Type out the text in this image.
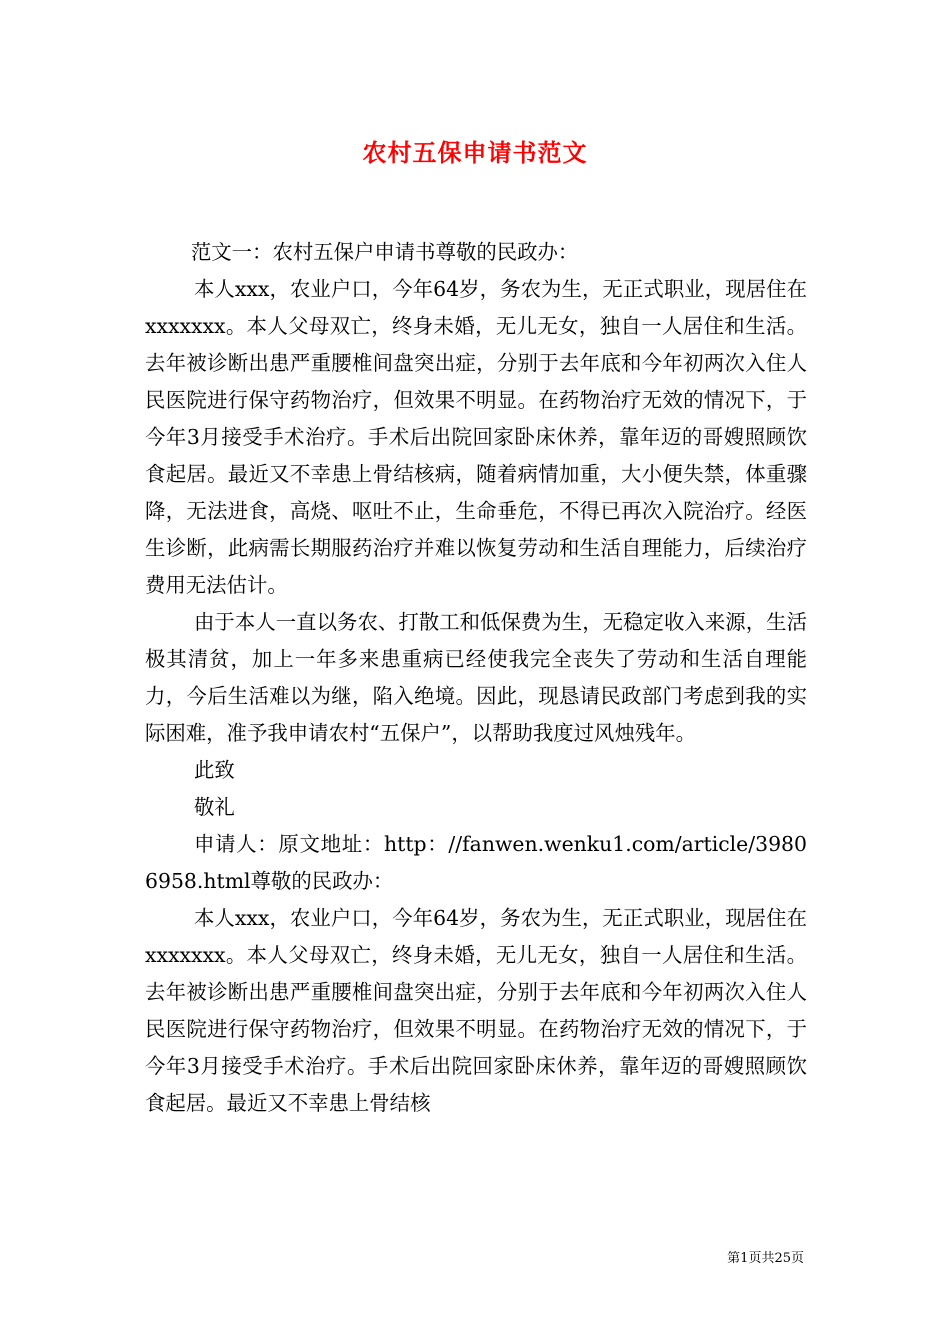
农村五保申请书范文

范文一：农村五保户申请书尊敬的民政办：

本人xxx，农业户口，今年64岁，务农为生，无正式职业，现居住在xxxxxxx。本人父母双亡，终身未婚，无儿无女，独自一人居住和生活。去年被诊断出患严重腰椎间盘突出症，分别于去年底和今年初两次入住人民医院进行保守药物治疗，但效果不明显。在药物治疗无效的情况下，于今年3月接受手术治疗。手术后出院回家卧床休养，靠年迈的哥嫂照顾饮食起居。最近又不幸患上骨结核病，随着病情加重，大小便失禁，体重骤降，无法进食，高烧、呕吐不止，生命垂危，不得已再次入院治疗。经医生诊断，此病需长期服药治疗并难以恢复劳动和生活自理能力，后续治疗费用无法估计。

由于本人一直以务农、打散工和低保费为生，无稳定收入来源，生活极其清贫，加上一年多来患重病已经使我完全丧失了劳动和生活自理能力，今后生活难以为继，陷入绝境。因此，现恳请民政部门考虑到我的实际困难，准予我申请农村“五保户”，以帮助我度过风烛残年。

此致

敬礼

申请人：原文地址：http：//fanwen.wenku1.com/article/39806958.html尊敬的民政办：

本人xxx，农业户口，今年64岁，务农为生，无正式职业，现居住在xxxxxxx。本人父母双亡，终身未婚，无儿无女，独自一人居住和生活。去年被诊断出患严重腰椎间盘突出症，分别于去年底和今年初两次入住人民医院进行保守药物治疗，但效果不明显。在药物治疗无效的情况下，于今年3月接受手术治疗。手术后出院回家卧床休养，靠年迈的哥嫂照顾饮食起居。最近又不幸患上骨结核

第1页共25页
